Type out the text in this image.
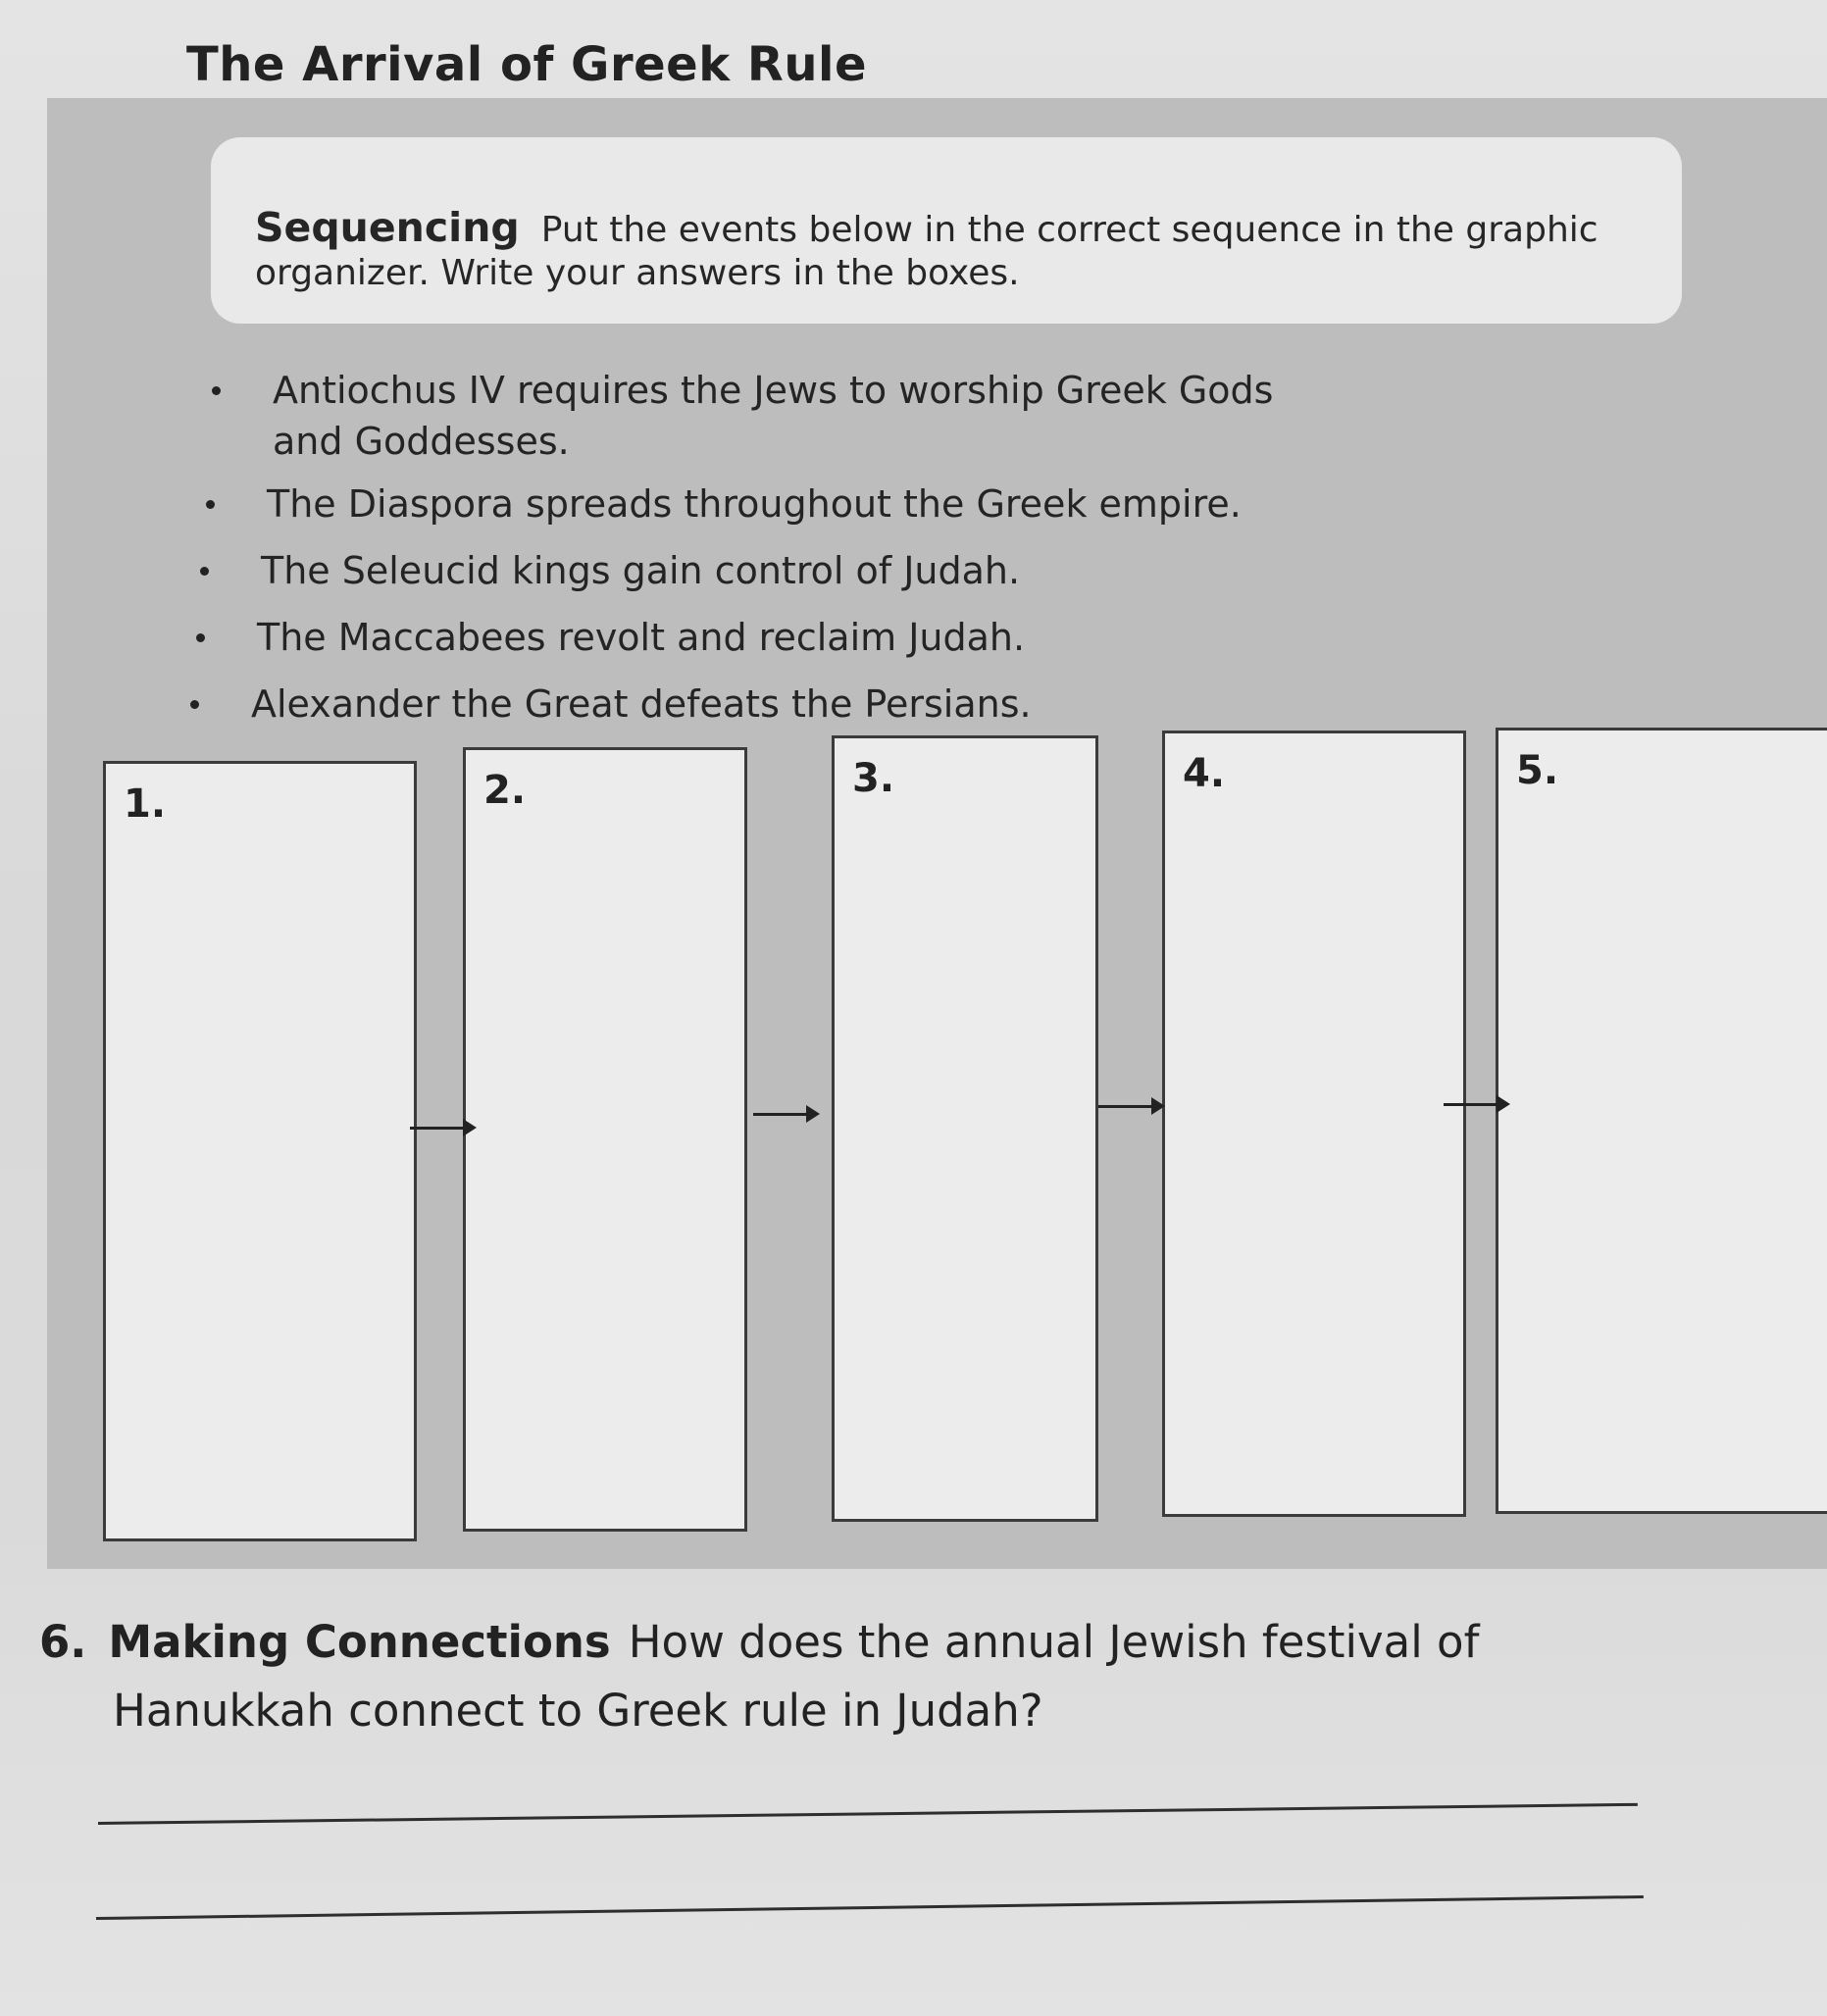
The Arrival of Greek Rule
Sequencing Put the events below in the correct sequence in the graphic
organizer. Write your answers in the boxes.
Antiochus IV requires the Jews to worship Greek Gods
and Goddesses.
The Diaspora spreads throughout the Greek empire.
The Seleucid kings gain control of Judah.
The Maccabees revolt and reclaim Judah.
Alexander the Great defeats the Persians.
1.	2.	3.	4.	5.
6. Making Connections How does the annual Jewish festival of
Hanukkah connect to Greek rule in Judah?
